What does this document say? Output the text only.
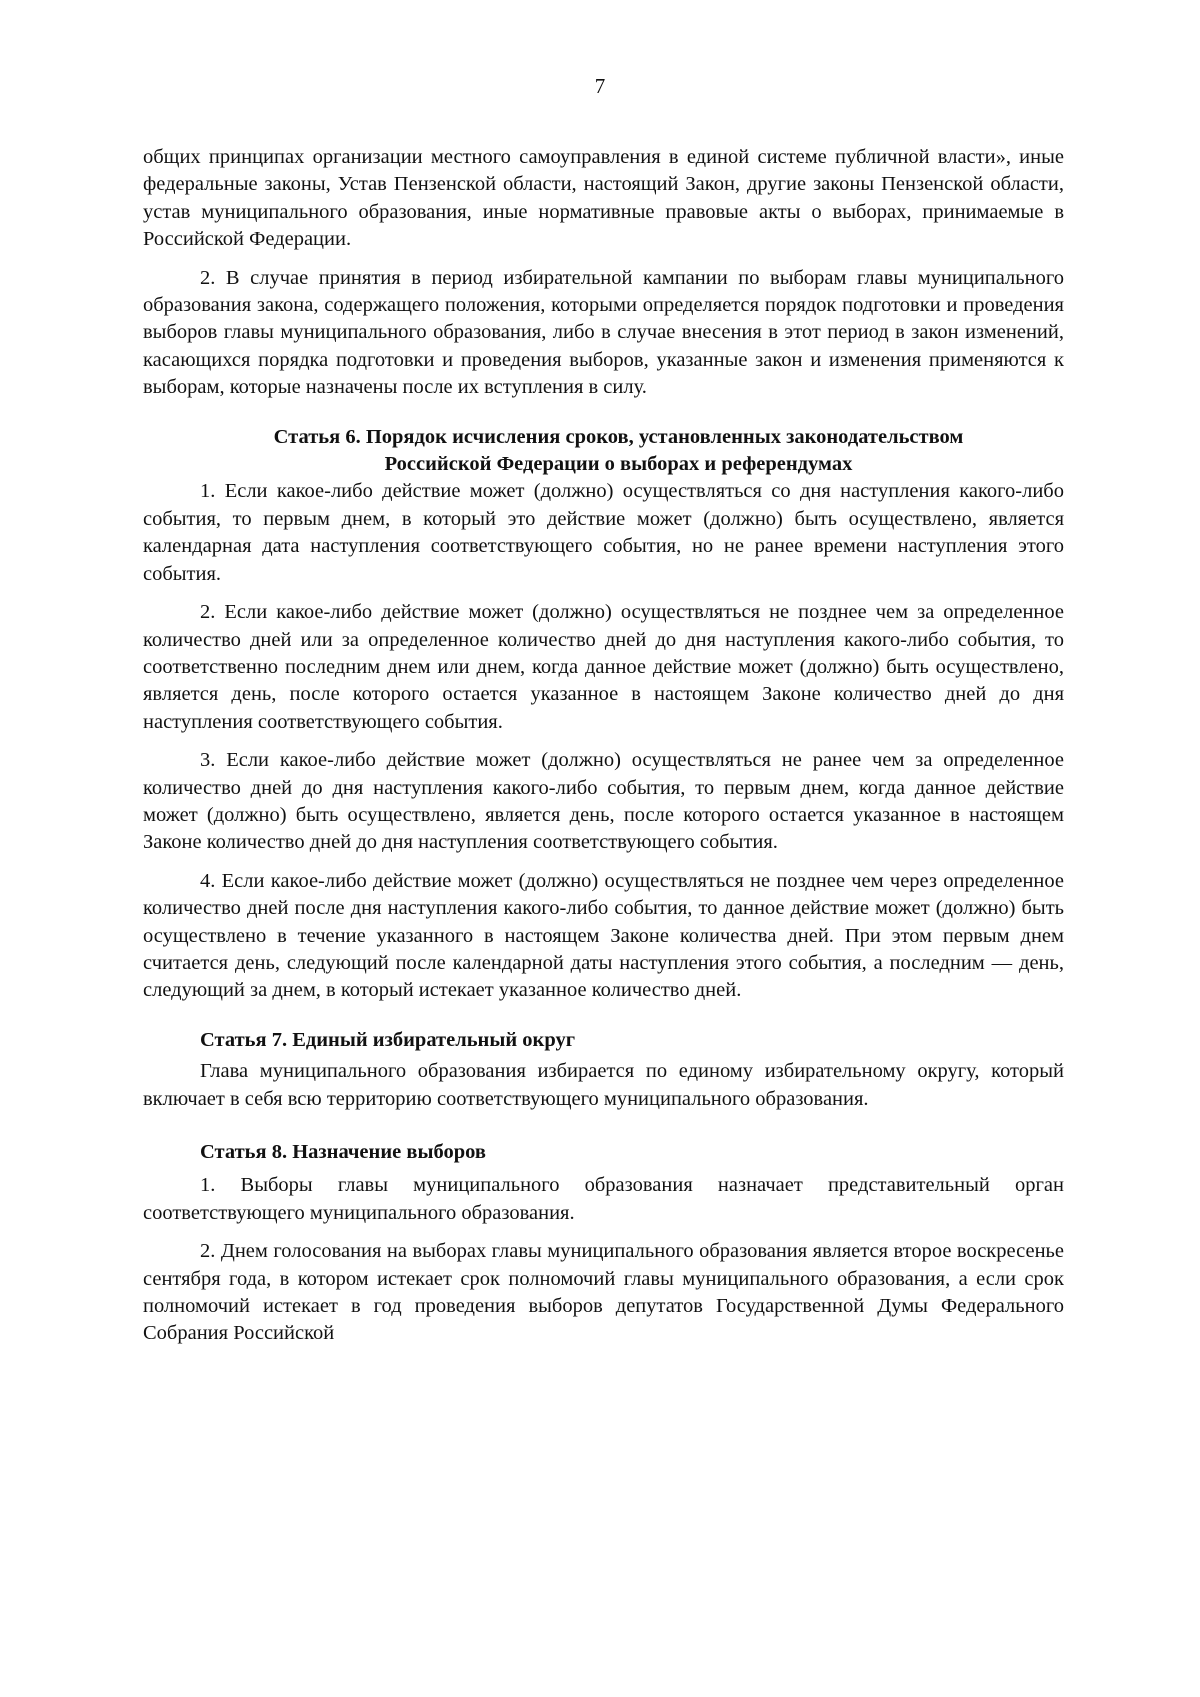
7

общих принципах организации местного самоуправления в единой системе публичной власти», иные федеральные законы, Устав Пензенской области, настоящий Закон, другие законы Пензенской области, устав муниципального образования, иные нормативные правовые акты о выборах, принимаемые в Российской Федерации.

2. В случае принятия в период избирательной кампании по выборам главы муниципального образования закона, содержащего положения, которыми определяется порядок подготовки и проведения выборов главы муниципального образования, либо в случае внесения в этот период в закон изменений, касающихся порядка подготовки и проведения выборов, указанные закон и изменения применяются к выборам, которые назначены после их вступления в силу.

Статья 6. Порядок исчисления сроков, установленных законодательством
Российской Федерации о выборах и референдумах

1. Если какое-либо действие может (должно) осуществляться со дня наступления какого-либо события, то первым днем, в который это действие может (должно) быть осуществлено, является календарная дата наступления соответствующего события, но не ранее времени наступления этого события.

2. Если какое-либо действие может (должно) осуществляться не позднее чем за определенное количество дней или за определенное количество дней до дня наступления какого-либо события, то соответственно последним днем или днем, когда данное действие может (должно) быть осуществлено, является день, после которого остается указанное в настоящем Законе количество дней до дня наступления соответствующего события.

3. Если какое-либо действие может (должно) осуществляться не ранее чем за определенное количество дней до дня наступления какого-либо события, то первым днем, когда данное действие может (должно) быть осуществлено, является день, после которого остается указанное в настоящем Законе количество дней до дня наступления соответствующего события.

4. Если какое-либо действие может (должно) осуществляться не позднее чем через определенное количество дней после дня наступления какого-либо события, то данное действие может (должно) быть осуществлено в течение указанного в настоящем Законе количества дней. При этом первым днем считается день, следующий после календарной даты наступления этого события, а последним — день, следующий за днем, в который истекает указанное количество дней.

Статья 7. Единый избирательный округ

Глава муниципального образования избирается по единому избирательному округу, который включает в себя всю территорию соответствующего муниципального образования.

Статья 8. Назначение выборов

1. Выборы главы муниципального образования назначает представительный орган соответствующего муниципального образования.

2. Днем голосования на выборах главы муниципального образования является второе воскресенье сентября года, в котором истекает срок полномочий главы муниципального образования, а если срок полномочий истекает в год проведения выборов депутатов Государственной Думы Федерального Собрания Российской
